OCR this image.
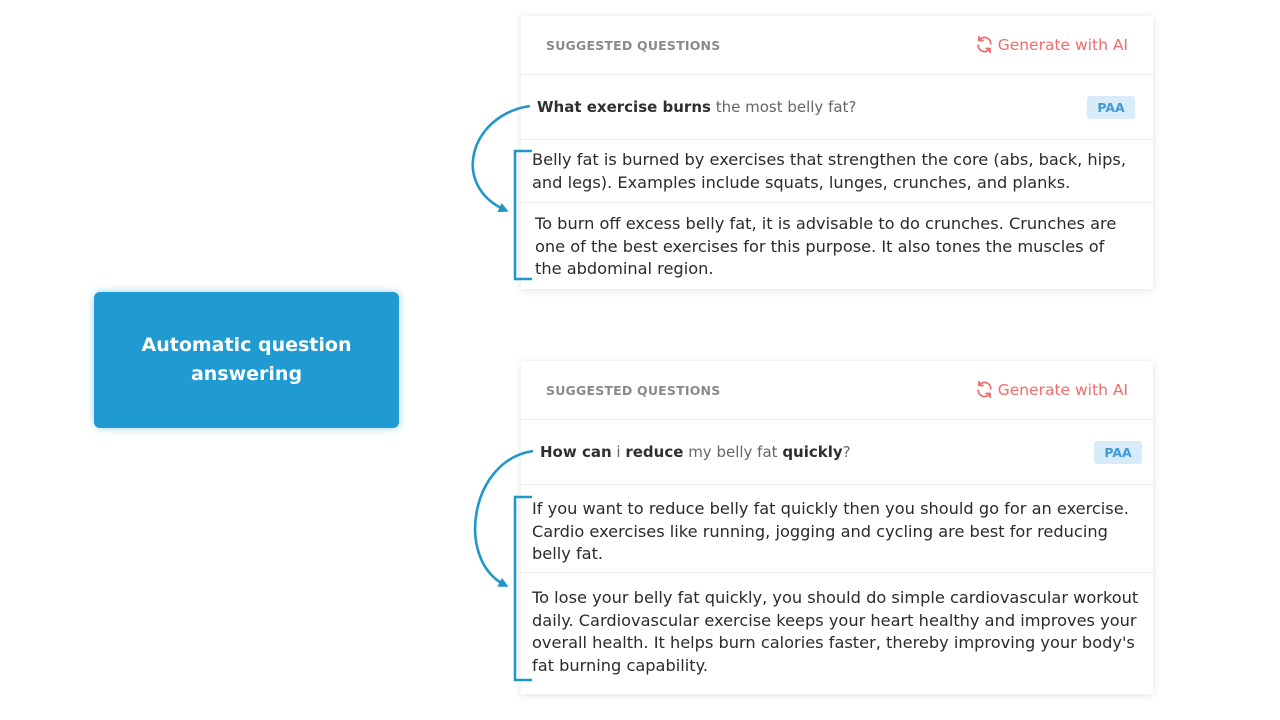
Automatic question answering
SUGGESTED QUESTIONS	Generate with AI
What exercise burns the most belly fat?	PAA

Belly fat is burned by exercises that strengthen the core (abs, back, hips, and legs). Examples include squats, lunges, crunches, and planks.

To burn off excess belly fat, it is advisable to do crunches. Crunches are one of the best exercises for this purpose. It also tones the muscles of the abdominal region.

SUGGESTED QUESTIONS	Generate with AI
How can i reduce my belly fat quickly?	PAA

If you want to reduce belly fat quickly then you should go for an exercise. Cardio exercises like running, jogging and cycling are best for reducing belly fat.

To lose your belly fat quickly, you should do simple cardiovascular workout daily. Cardiovascular exercise keeps your heart healthy and improves your overall health. It helps burn calories faster, thereby improving your body's fat burning capability.
